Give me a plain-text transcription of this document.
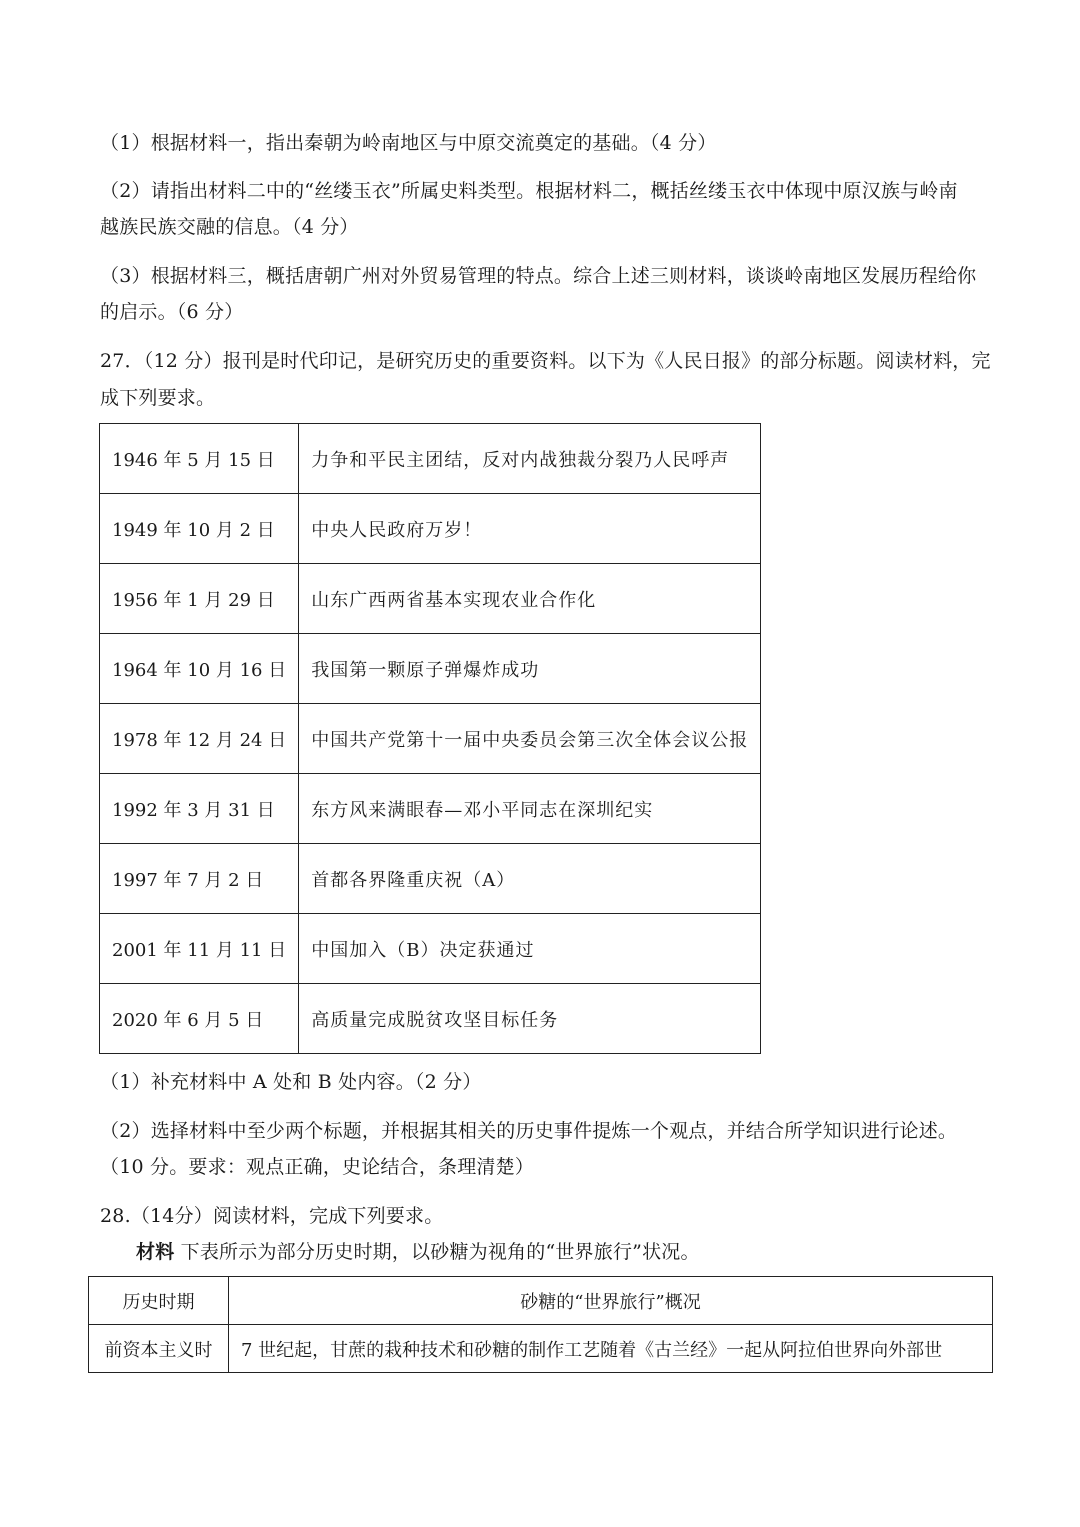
（1）根据材料一，指出秦朝为岭南地区与中原交流奠定的基础。（4 分）
（2）请指出材料二中的“丝缕玉衣”所属史料类型。根据材料二，概括丝缕玉衣中体现中原汉族与岭南
越族民族交融的信息。（4 分）
（3）根据材料三，概括唐朝广州对外贸易管理的特点。综合上述三则材料，谈谈岭南地区发展历程给你
的启示。（6 分）
27．（12 分）报刊是时代印记，是研究历史的重要资料。以下为《人民日报》的部分标题。阅读材料，完
成下列要求。
1946 年 5 月 15 日	力争和平民主团结，反对内战独裁分裂乃人民呼声
1949 年 10 月 2 日	中央人民政府万岁！
1956 年 1 月 29 日	山东广西两省基本实现农业合作化
1964 年 10 月 16 日	我国第一颗原子弹爆炸成功
1978 年 12 月 24 日	中国共产党第十一届中央委员会第三次全体会议公报
1992 年 3 月 31 日	东方风来满眼春—邓小平同志在深圳纪实
1997 年 7 月 2 日	首都各界隆重庆祝（A）
2001 年 11 月 11 日	中国加入（B）决定获通过
2020 年 6 月 5 日	高质量完成脱贫攻坚目标任务
（1）补充材料中 A 处和 B 处内容。（2 分）
（2）选择材料中至少两个标题，并根据其相关的历史事件提炼一个观点，并结合所学知识进行论述。
（10 分。要求：观点正确，史论结合，条理清楚）
28.（14分）阅读材料，完成下列要求。
材料 下表所示为部分历史时期，以砂糖为视角的“世界旅行”状况。
历史时期	砂糖的“世界旅行”概况
前资本主义时	7 世纪起，甘蔗的栽种技术和砂糖的制作工艺随着《古兰经》一起从阿拉伯世界向外部世
